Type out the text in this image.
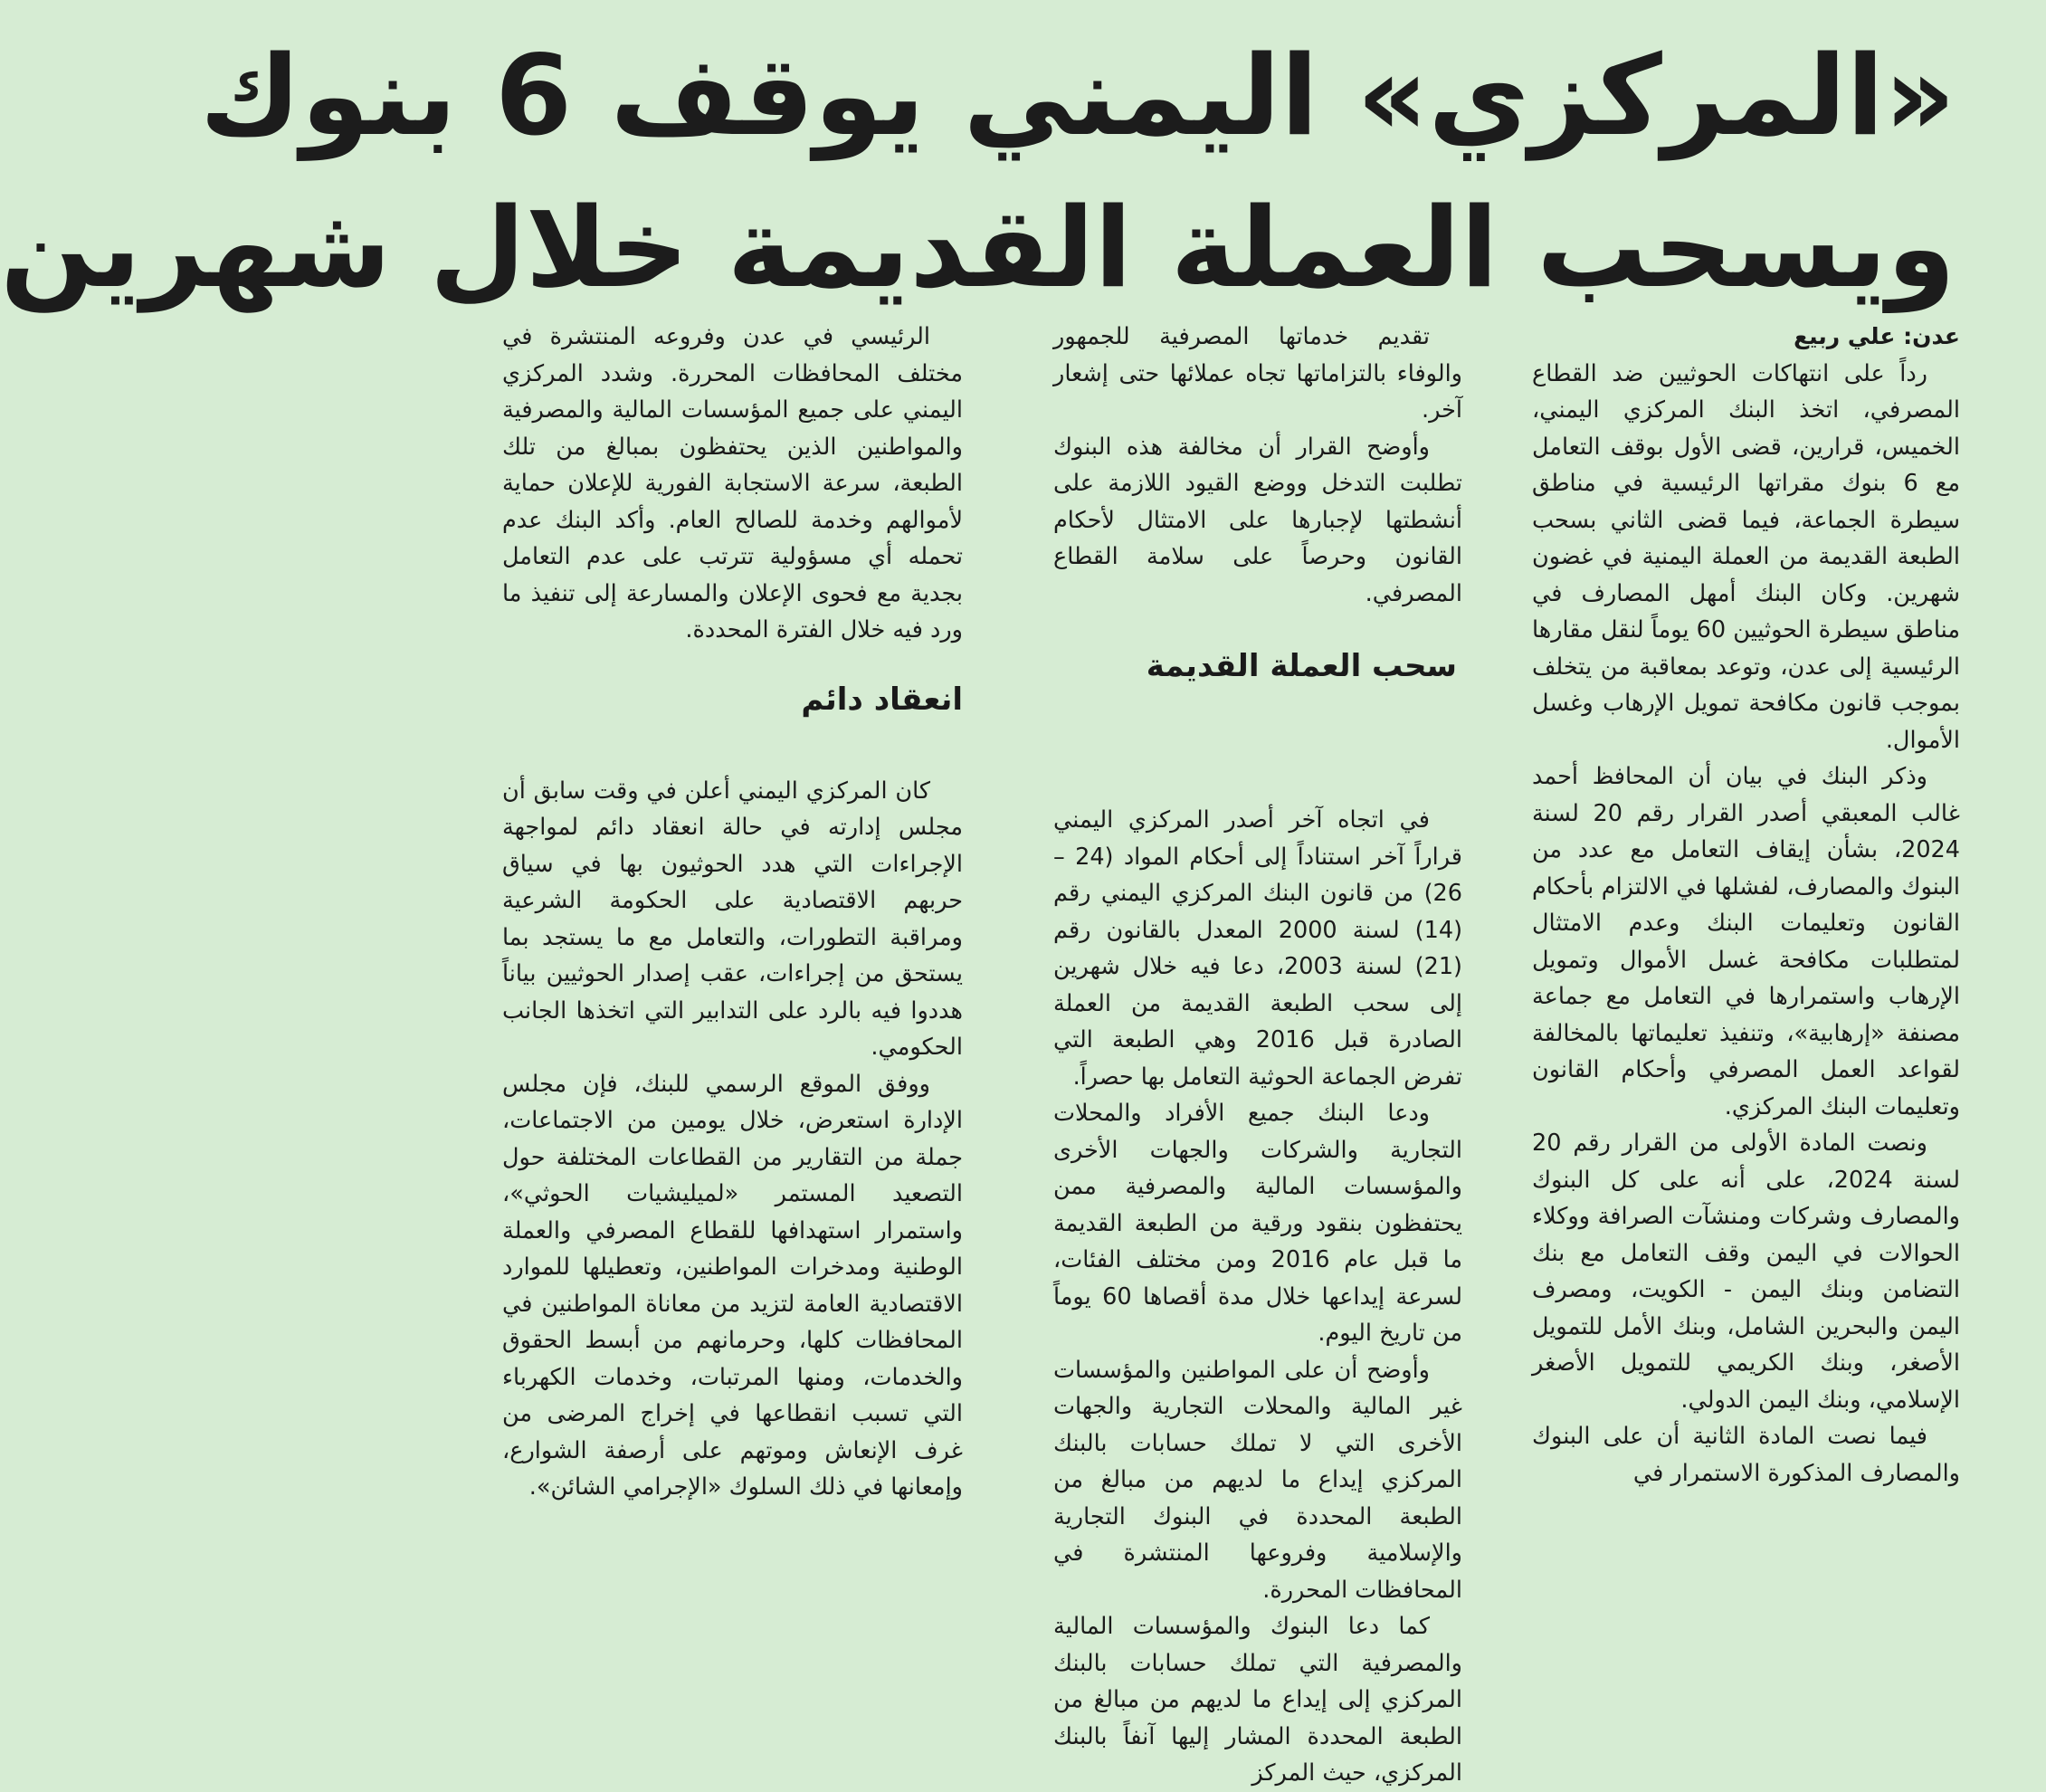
«المركزي» اليمني يوقف 6 بنوك
ويسحب العملة القديمة خلال شهرين

عدن: علي ربيع

رداً على انتهاكات الحوثيين ضد القطاع المصرفي، اتخذ البنك المركزي اليمني، الخميس، قرارين، قضى الأول بوقف التعامل مع 6 بنوك مقراتها الرئيسية في مناطق سيطرة الجماعة، فيما قضى الثاني بسحب الطبعة القديمة من العملة اليمنية في غضون شهرين. وكان البنك أمهل المصارف في مناطق سيطرة الحوثيين 60 يوماً لنقل مقارها الرئيسية إلى عدن، وتوعد بمعاقبة من يتخلف بموجب قانون مكافحة تمويل الإرهاب وغسل الأموال.

وذكر البنك في بيان أن المحافظ أحمد غالب المعبقي أصدر القرار رقم 20 لسنة 2024، بشأن إيقاف التعامل مع عدد من البنوك والمصارف، لفشلها في الالتزام بأحكام القانون وتعليمات البنك وعدم الامتثال لمتطلبات مكافحة غسل الأموال وتمويل الإرهاب واستمرارها في التعامل مع جماعة مصنفة «إرهابية»، وتنفيذ تعليماتها بالمخالفة لقواعد العمل المصرفي وأحكام القانون وتعليمات البنك المركزي.

ونصت المادة الأولى من القرار رقم 20 لسنة 2024، على أنه على كل البنوك والمصارف وشركات ومنشآت الصرافة ووكلاء الحوالات في اليمن وقف التعامل مع بنك التضامن وبنك اليمن - الكويت، ومصرف اليمن والبحرين الشامل، وبنك الأمل للتمويل الأصغر، وبنك الكريمي للتمويل الأصغر الإسلامي، وبنك اليمن الدولي.

فيما نصت المادة الثانية أن على البنوك والمصارف المذكورة الاستمرار في

تقديم خدماتها المصرفية للجمهور والوفاء بالتزاماتها تجاه عملائها حتى إشعار آخر.

وأوضح القرار أن مخالفة هذه البنوك تطلبت التدخل ووضع القيود اللازمة على أنشطتها لإجبارها على الامتثال لأحكام القانون وحرصاً على سلامة القطاع المصرفي.

سحب العملة القديمة

في اتجاه آخر أصدر المركزي اليمني قراراً آخر استناداً إلى أحكام المواد (24 – 26) من قانون البنك المركزي اليمني رقم (14) لسنة 2000 المعدل بالقانون رقم (21) لسنة 2003، دعا فيه خلال شهرين إلى سحب الطبعة القديمة من العملة الصادرة قبل 2016 وهي الطبعة التي تفرض الجماعة الحوثية التعامل بها حصراً.

ودعا البنك جميع الأفراد والمحلات التجارية والشركات والجهات الأخرى والمؤسسات المالية والمصرفية ممن يحتفظون بنقود ورقية من الطبعة القديمة ما قبل عام 2016 ومن مختلف الفئات، لسرعة إيداعها خلال مدة أقصاها 60 يوماً من تاريخ اليوم.

وأوضح أن على المواطنين والمؤسسات غير المالية والمحلات التجارية والجهات الأخرى التي لا تملك حسابات بالبنك المركزي إيداع ما لديهم من مبالغ من الطبعة المحددة في البنوك التجارية والإسلامية وفروعها المنتشرة في المحافظات المحررة.

كما دعا البنوك والمؤسسات المالية والمصرفية التي تملك حسابات بالبنك المركزي إلى إيداع ما لديهم من مبالغ من الطبعة المحددة المشار إليها آنفاً بالبنك المركزي، حيث المركز

الرئيسي في عدن وفروعه المنتشرة في مختلف المحافظات المحررة. وشدد المركزي اليمني على جميع المؤسسات المالية والمصرفية والمواطنين الذين يحتفظون بمبالغ من تلك الطبعة، سرعة الاستجابة الفورية للإعلان حماية لأموالهم وخدمة للصالح العام. وأكد البنك عدم تحمله أي مسؤولية تترتب على عدم التعامل بجدية مع فحوى الإعلان والمسارعة إلى تنفيذ ما ورد فيه خلال الفترة المحددة.

انعقاد دائم

كان المركزي اليمني أعلن في وقت سابق أن مجلس إدارته في حالة انعقاد دائم لمواجهة الإجراءات التي هدد الحوثيون بها في سياق حربهم الاقتصادية على الحكومة الشرعية ومراقبة التطورات، والتعامل مع ما يستجد بما يستحق من إجراءات، عقب إصدار الحوثيين بياناً هددوا فيه بالرد على التدابير التي اتخذها الجانب الحكومي.

ووفق الموقع الرسمي للبنك، فإن مجلس الإدارة استعرض، خلال يومين من الاجتماعات، جملة من التقارير من القطاعات المختلفة حول التصعيد المستمر «لميليشيات الحوثي»، واستمرار استهدافها للقطاع المصرفي والعملة الوطنية ومدخرات المواطنين، وتعطيلها للموارد الاقتصادية العامة لتزيد من معاناة المواطنين في المحافظات كلها، وحرمانهم من أبسط الحقوق والخدمات، ومنها المرتبات، وخدمات الكهرباء التي تسبب انقطاعها في إخراج المرضى من غرف الإنعاش وموتهم على أرصفة الشوارع، وإمعانها في ذلك السلوك «الإجرامي الشائن».
